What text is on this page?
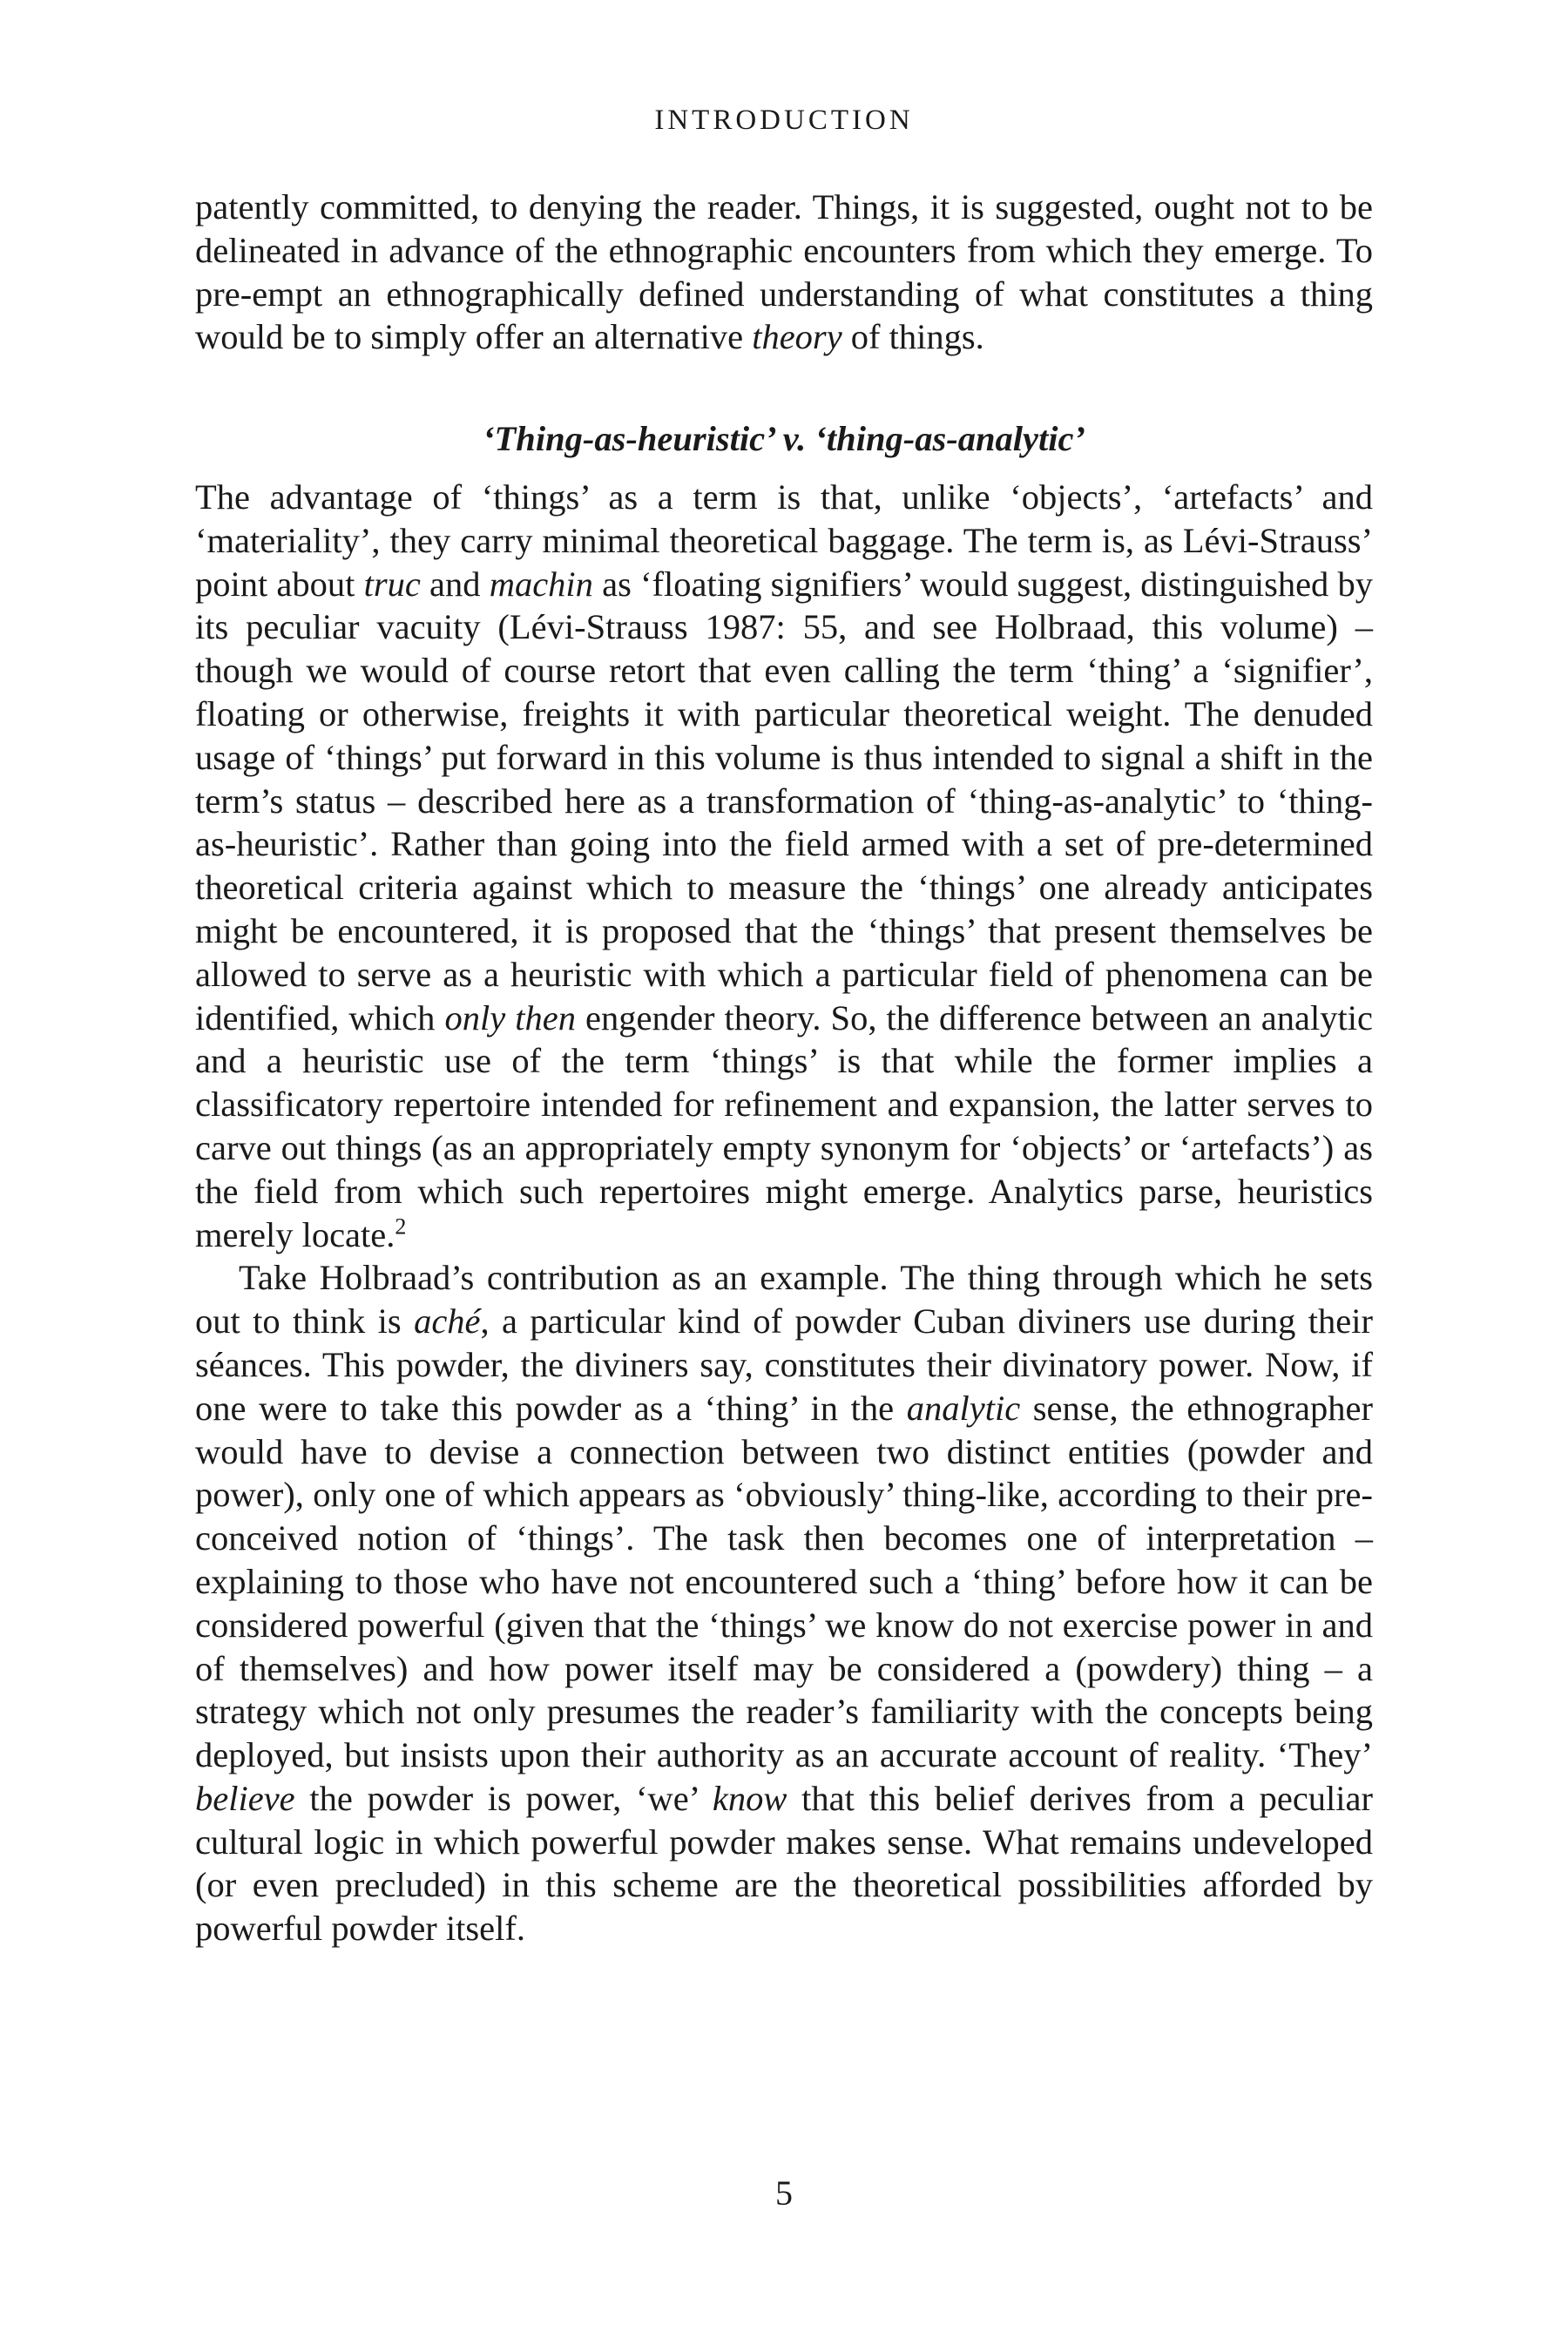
INTRODUCTION

patently committed, to denying the reader. Things, it is suggested, ought not to be delineated in advance of the ethnographic encounters from which they emerge. To pre-empt an ethnographically defined understanding of what constitutes a thing would be to simply offer an alternative theory of things.

‘Thing-as-heuristic’ v. ‘thing-as-analytic’

The advantage of ‘things’ as a term is that, unlike ‘objects’, ‘artefacts’ and ‘materiality’, they carry minimal theoretical baggage. The term is, as Lévi-Strauss’ point about truc and machin as ‘floating signifiers’ would suggest, distinguished by its peculiar vacuity (Lévi-Strauss 1987: 55, and see Holbraad, this volume) – though we would of course retort that even calling the term ‘thing’ a ‘signifier’, floating or otherwise, freights it with particular theoretical weight. The denuded usage of ‘things’ put forward in this volume is thus intended to signal a shift in the term’s status – described here as a transformation of ‘thing-as-analytic’ to ‘thing-as-heuristic’. Rather than going into the field armed with a set of pre-determined theoretical criteria against which to measure the ‘things’ one already anticipates might be encountered, it is proposed that the ‘things’ that present themselves be allowed to serve as a heuristic with which a particular field of phenomena can be identified, which only then engender theory. So, the difference between an analytic and a heuristic use of the term ‘things’ is that while the former implies a classificatory repertoire intended for refinement and expansion, the latter serves to carve out things (as an appropriately empty synonym for ‘objects’ or ‘artefacts’) as the field from which such repertoires might emerge. Analytics parse, heuristics merely locate.$^2$

Take Holbraad’s contribution as an example. The thing through which he sets out to think is aché, a particular kind of powder Cuban diviners use during their séances. This powder, the diviners say, constitutes their divinatory power. Now, if one were to take this powder as a ‘thing’ in the analytic sense, the ethnographer would have to devise a connection between two distinct entities (powder and power), only one of which appears as ‘obviously’ thing-like, according to their pre-conceived notion of ‘things’. The task then becomes one of interpretation – explaining to those who have not encountered such a ‘thing’ before how it can be considered powerful (given that the ‘things’ we know do not exercise power in and of themselves) and how power itself may be considered a (powdery) thing – a strategy which not only presumes the reader’s familiarity with the concepts being deployed, but insists upon their authority as an accurate account of reality. ‘They’ believe the powder is power, ‘we’ know that this belief derives from a peculiar cultural logic in which powerful powder makes sense. What remains undeveloped (or even precluded) in this scheme are the theoretical possibilities afforded by powerful powder itself.

5
